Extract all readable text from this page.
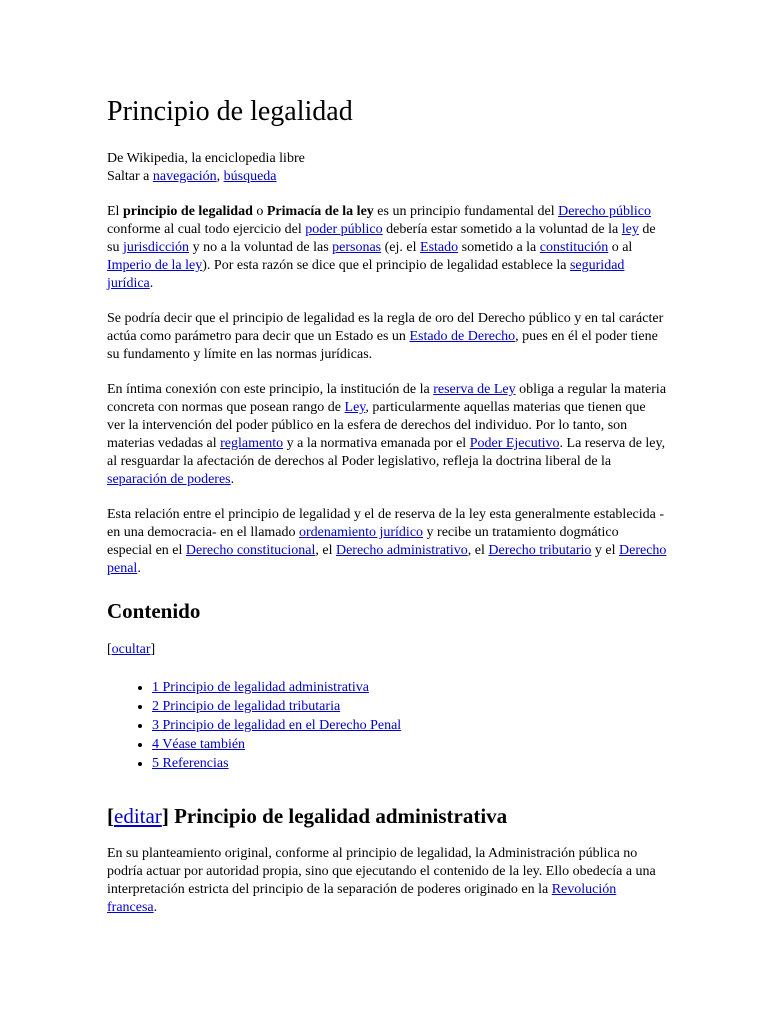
Principio de legalidad
De Wikipedia, la enciclopedia libre
Saltar a navegación, búsqueda

El principio de legalidad o Primacía de la ley es un principio fundamental del Derecho público conforme al cual todo ejercicio del poder público debería estar sometido a la voluntad de la ley de su jurisdicción y no a la voluntad de las personas (ej. el Estado sometido a la constitución o al Imperio de la ley). Por esta razón se dice que el principio de legalidad establece la seguridad jurídica.

Se podría decir que el principio de legalidad es la regla de oro del Derecho público y en tal carácter actúa como parámetro para decir que un Estado es un Estado de Derecho, pues en él el poder tiene su fundamento y límite en las normas jurídicas.

En íntima conexión con este principio, la institución de la reserva de Ley obliga a regular la materia concreta con normas que posean rango de Ley, particularmente aquellas materias que tienen que ver la intervención del poder público en la esfera de derechos del individuo. Por lo tanto, son materias vedadas al reglamento y a la normativa emanada por el Poder Ejecutivo. La reserva de ley, al resguardar la afectación de derechos al Poder legislativo, refleja la doctrina liberal de la separación de poderes.

Esta relación entre el principio de legalidad y el de reserva de la ley esta generalmente establecida -en una democracia- en el llamado ordenamiento jurídico y recibe un tratamiento dogmático especial en el Derecho constitucional, el Derecho administrativo, el Derecho tributario y el Derecho penal.

Contenido
[ocultar]
• 1 Principio de legalidad administrativa
• 2 Principio de legalidad tributaria
• 3 Principio de legalidad en el Derecho Penal
• 4 Véase también
• 5 Referencias
[editar] Principio de legalidad administrativa

En su planteamiento original, conforme al principio de legalidad, la Administración pública no podría actuar por autoridad propia, sino que ejecutando el contenido de la ley. Ello obedecía a una interpretación estricta del principio de la separación de poderes originado en la Revolución francesa.
